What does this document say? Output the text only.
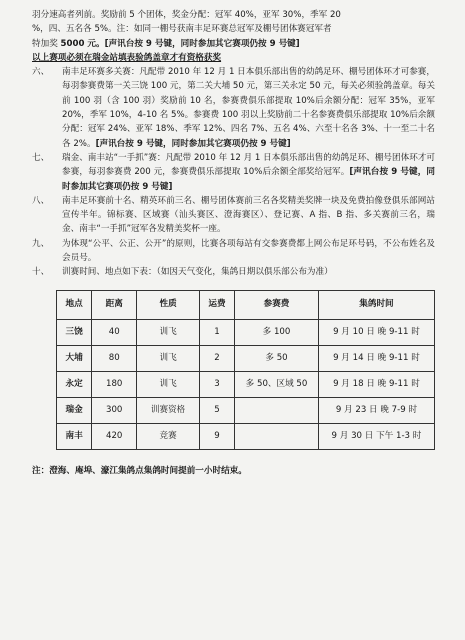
羽分速高者列前。奖励前 5 个团体，奖金分配：冠军 40%，亚军 30%，季军 20

%，四、五名各 5%。注：如同一棚号获南丰足环赛总冠军及棚号团体赛冠军者

特加奖 5000 元。[声讯台按 9 号键，同时参加其它赛项仍按 9 号键]

以上赛项必须在瑞金站填表验鸽盖章才有资格获奖

六、	南丰足环赛多关赛：凡配带 2010 年 12 月 1 日本俱乐部出售的幼鸽足环、棚号团体环才可参赛，每羽参赛费第一关三饶 100 元，第二关大埔 50 元，第三关永定 50 元，每关必须验鸽盖章。每关前 100 羽（含 100 羽）奖励前 10 名，参赛费俱乐部提取 10%后余额分配：冠军 35%，亚军 20%，季军 10%，4-10 名 5%。参赛费 100 羽以上奖励前二十名参赛费俱乐部提取 10%后余额分配：冠军 24%、亚军 18%、季军 12%、四名 7%、五名 4%、六至十名各 3%、十一至二十名各 2%。[声讯台按 9 号键，同时参加其它赛项仍按 9 号键]
七、	瑞金、南丰站“一手抓”赛：凡配带 2010 年 12 月 1 日本俱乐部出售的幼鸽足环、棚号团体环才可参赛，每羽参赛费 200 元，参赛费俱乐部提取 10%后余额全部奖给冠军。[声讯台按 9 号键，同时参加其它赛项仍按 9 号键]
八、	南丰足环赛前十名、精英环前三名、棚号团体赛前三名各奖精美奖牌一块及免费拍像登俱乐部网站宣传半年。锦标赛、区域赛（汕头赛区、澄海赛区）、登记赛、A 指、B 指、多关赛前三名，瑞金、南丰“一手抓”冠军各发精美奖杯一座。
九、	为体现“公平、公正、公开”的原则，比赛各项每站有交参赛费都上网公布足环号码，不公布姓名及会员号。
十、	训赛时间、地点如下表：（如因天气变化，集鸽日期以俱乐部公布为准）
地点	距离	性质	运费	参赛费	集鸽时间
三饶	40	训飞	1	多 100	9 月 10 日 晚 9-11 时
大埔	80	训飞	2	多 50	9 月 14 日 晚 9-11 时
永定	180	训飞	3	多 50、区域 50	9 月 18 日 晚 9-11 时
瑞金	300	训赛资格	5		9 月 23 日 晚 7-9 时
南丰	420	竞赛	9		9 月 30 日 下午 1-3 时

注：澄海、庵埠、濠江集鸽点集鸽时间提前一小时结束。
